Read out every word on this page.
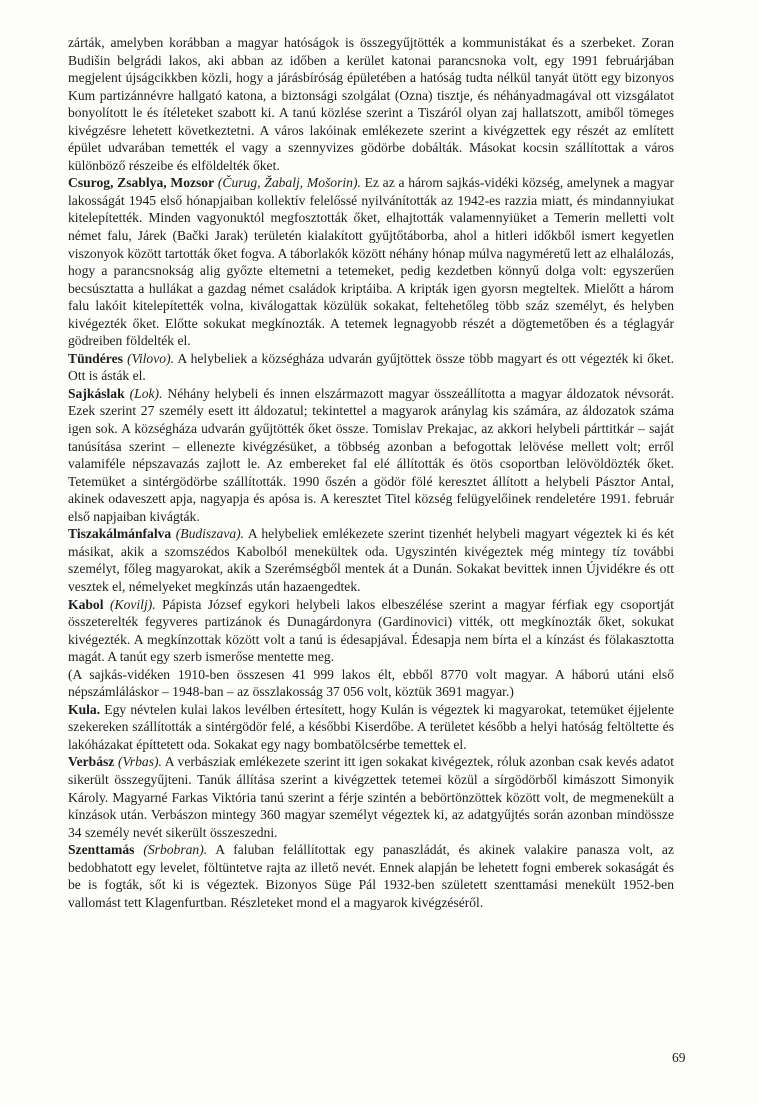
zárták, amelyben korábban a magyar hatóságok is összegyűjtötték a kommunistákat és a szerbeket. Zoran Budišin belgrádi lakos, aki abban az időben a kerület katonai parancsnoka volt, egy 1991 februárjában megjelent újságcikkben közli, hogy a járásbíróság épületében a hatóság tudta nélkül tanyát ütött egy bizonyos Kum partizánnévre hallgató katona, a biztonsági szolgálat (Ozna) tisztje, és néhányadmagával ott vizsgálatot bonyolított le és ítéleteket szabott ki. A tanú közlése szerint a Tiszáról olyan zaj hallatszott, amiből tömeges kivégzésre lehetett következtetni. A város lakóinak emlékezete szerint a kivégzettek egy részét az említett épület udvarában temették el vagy a szennyvizes gödörbe dobálták. Másokat kocsin szállítottak a város különböző részeibe és elföldelték őket.

Csurog, Zsablya, Mozsor (Čurug, Žabalj, Mošorin). Ez az a három sajkás-vidéki község, amelynek a magyar lakosságát 1945 első hónapjaiban kollektív felelőssé nyilvánították az 1942-es razzia miatt, és mindannyiukat kitelepítették. Minden vagyonuktól megfosztották őket, elhajtották valamennyiüket a Temerin melletti volt német falu, Járek (Bački Jarak) területén kialakított gyűjtőtáborba, ahol a hitleri időkből ismert kegyetlen viszonyok között tartották őket fogva. A táborlakók között néhány hónap múlva nagyméretű lett az elhalálozás, hogy a parancsnokság alig győzte eltemetni a tetemeket, pedig kezdetben könnyű dolga volt: egyszerűen becsúsztatta a hullákat a gazdag német családok kriptáiba. A kripták igen gyorsn megteltek. Mielőtt a három falu lakóit kitelepítették volna, kiválogattak közülük sokakat, feltehetőleg több száz személyt, és helyben kivégezték őket. Előtte sokukat megkínozták. A tetemek legnagyobb részét a dögtemetőben és a téglagyár gödreiben földelték el.

Tündéres (Vilovo). A helybeliek a községháza udvarán gyűjtöttek össze több magyart és ott végezték ki őket. Ott is ásták el.

Sajkáslak (Lok). Néhány helybeli és innen elszármazott magyar összeállította a magyar áldozatok névsorát. Ezek szerint 27 személy esett itt áldozatul; tekintettel a magyarok aránylag kis számára, az áldozatok száma igen sok. A községháza udvarán gyűjtötték őket össze. Tomislav Prekajac, az akkori helybeli párttitkár – saját tanúsítása szerint – ellenezte kivégzésüket, a többség azonban a befogottak lelövése mellett volt; erről valamiféle népszavazás zajlott le. Az embereket fal elé állították és ötös csoportban lelövöldözték őket. Tetemüket a sintérgödörbe szállították. 1990 őszén a gödör fölé keresztet állított a helybeli Pásztor Antal, akinek odaveszett apja, nagyapja és apósa is. A keresztet Titel község felügyelőinek rendeletére 1991. február első napjaiban kivágták.

Tiszakálmánfalva (Budiszava). A helybeliek emlékezete szerint tizenhét helybeli magyart végeztek ki és két másikat, akik a szomszédos Kabolból menekültek oda. Ugyszintén kivégeztek még mintegy tíz további személyt, főleg magyarokat, akik a Szerémségből mentek át a Dunán. Sokakat bevittek innen Újvidékre és ott vesztek el, némelyeket megkínzás után hazaengedtek.

Kabol (Kovilj). Pápista József egykori helybeli lakos elbeszélése szerint a magyar férfiak egy csoportját összeterelték fegyveres partizánok és Dunagárdonyra (Gardinovici) vitték, ott megkínozták őket, sokukat kivégezték. A megkínzottak között volt a tanú is édesapjával. Édesapja nem bírta el a kínzást és fölakasztotta magát. A tanút egy szerb ismerőse mentette meg.

(A sajkás-vidéken 1910-ben összesen 41 999 lakos élt, ebből 8770 volt magyar. A háború utáni első népszámláláskor – 1948-ban – az összlakosság 37 056 volt, köztük 3691 magyar.)

Kula. Egy névtelen kulai lakos levélben értesített, hogy Kulán is végeztek ki magyarokat, tetemüket éjjelente szekereken szállították a sintérgödör felé, a későbbi Kiserdőbe. A területet később a helyi hatóság feltöltette és lakóházakat építtetett oda. Sokakat egy nagy bombatölcsérbe temettek el.

Verbász (Vrbas). A verbásziak emlékezete szerint itt igen sokakat kivégeztek, róluk azonban csak kevés adatot sikerült összegyűjteni. Tanúk állítása szerint a kivégzettek tetemei közül a sírgödörből kimászott Simonyik Károly. Magyarné Farkas Viktória tanú szerint a férje szintén a bebörtönzöttek között volt, de megmenekült a kínzások után. Verbászon mintegy 360 magyar személyt végeztek ki, az adatgyűjtés során azonban mindössze 34 személy nevét sikerült összeszedni.

Szenttamás (Srbobran). A faluban felállítottak egy panaszládát, és akinek valakire panasza volt, az bedobhatott egy levelet, föltüntetve rajta az illető nevét. Ennek alapján be lehetett fogni emberek sokaságát és be is fogták, sőt ki is végeztek. Bizonyos Süge Pál 1932-ben született szenttamási menekült 1952-ben vallomást tett Klagenfurtban. Részleteket mond el a magyarok kivégzéséről.

69
